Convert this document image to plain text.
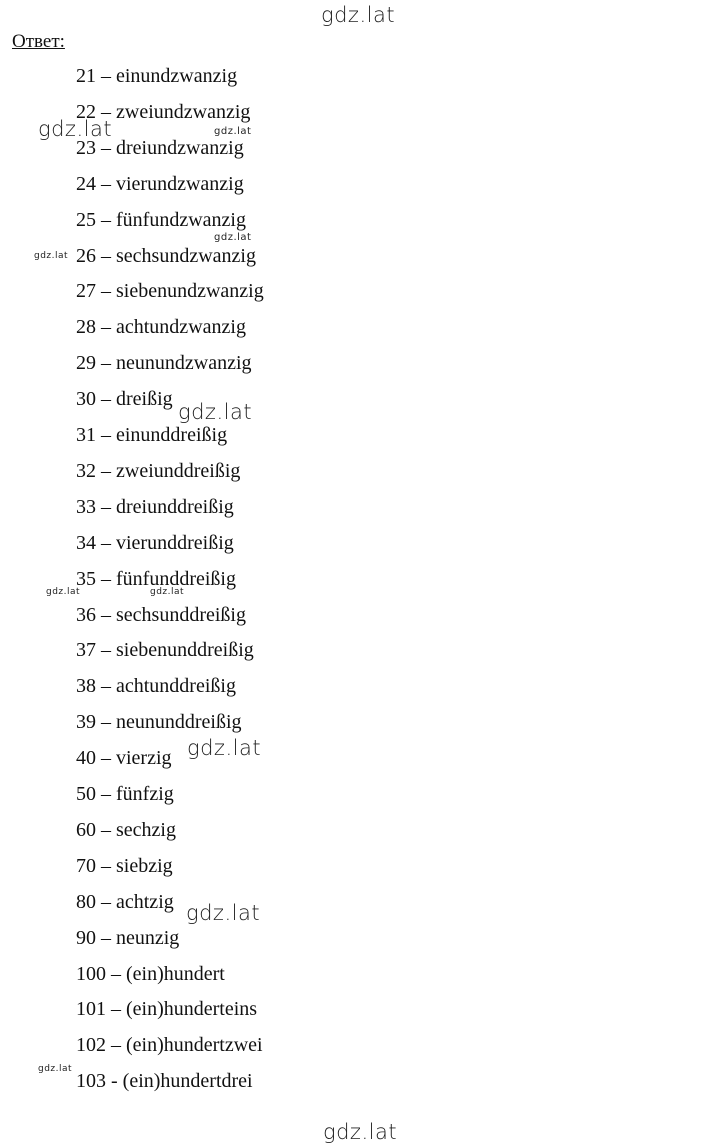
Ответ:
21 – einundzwanzig
22 – zweiundzwanzig
23 – dreiundzwanzig
24 – vierundzwanzig
25 – fünfundzwanzig
26 – sechsundzwanzig
27 – siebenundzwanzig
28 – achtundzwanzig
29 – neunundzwanzig
30 – dreißig
31 – einunddreißig
32 – zweiunddreißig
33 – dreiunddreißig
34 – vierunddreißig
35 – fünfunddreißig
36 – sechsunddreißig
37 – siebenunddreißig
38 – achtunddreißig
39 – neununddreißig
40 – vierzig
50 – fünfzig
60 – sechzig
70 – siebzig
80 – achtzig
90 – neunzig
100 – (ein)hundert
101 – (ein)hunderteins
102 – (ein)hundertzwei
103 - (ein)hundertdrei
gdz.lat
gdz.lat	gdz.lat
gdz.lat
gdz.lat
gdz.lat
gdz.lat	gdz.lat
gdz.lat
gdz.lat
gdz.lat
gdz.lat
